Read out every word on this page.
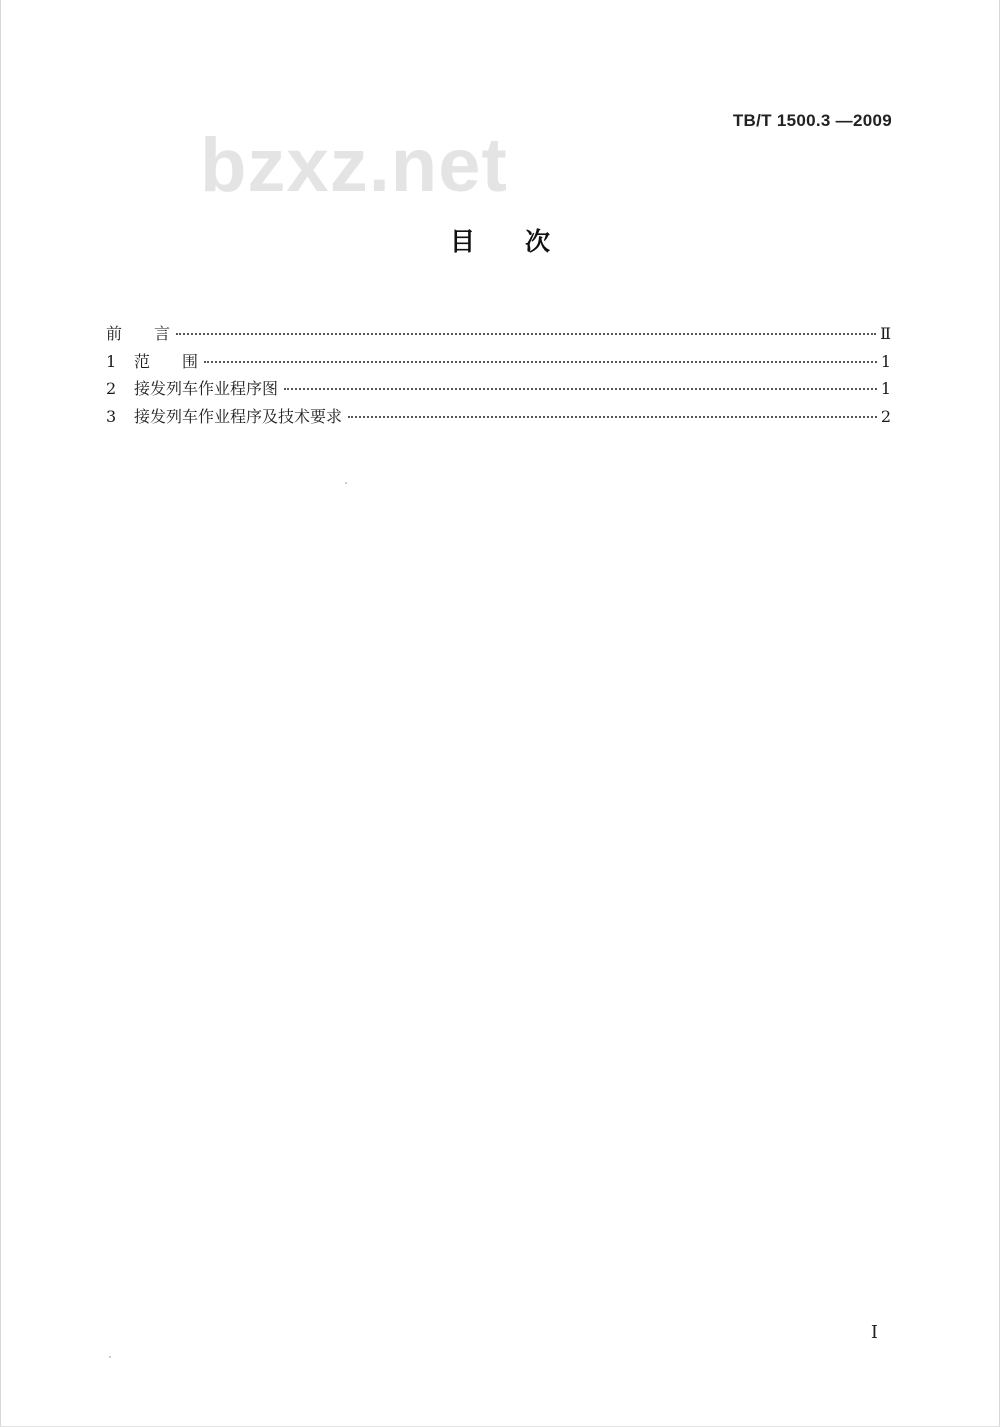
TB/T 1500.3 —2009
bzxz.net
目次
前　　言	Ⅱ
1	范　　围	1
2	接发列车作业程序图	1
3	接发列车作业程序及技术要求	2
I
